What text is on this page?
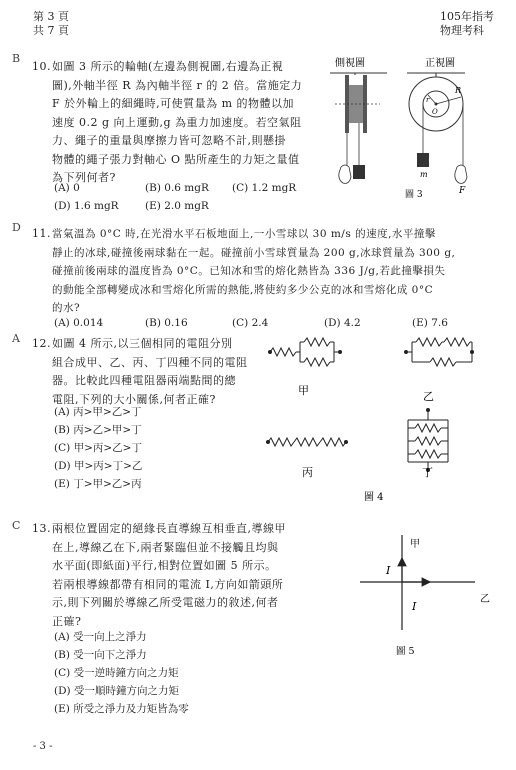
第 3 頁
共 7 頁
105年指考
物理考科
B
10. 如圖 3 所示的輪軸(左邊為側視圖,右邊為正視
圖),外軸半徑 R 為內軸半徑 r 的 2 倍。當施定力
F 於外輪上的細繩時,可使質量為 m 的物體以加
速度 0.2 g 向上運動,g 為重力加速度。若空氣阻
力、繩子的重量與摩擦力皆可忽略不計,則懸掛
物體的繩子張力對軸心 O 點所產生的力矩之量值
為下列何者?
(A) 0	(B) 0.6 mgR (C) 1.2 mgR
(D) 1.6 mgR	(E) 2.0 mgR
側視圖	正視圖
R
r
O
m
F
圖 3
D 11. 當氣溫為 0°C 時,在光滑水平石板地面上,一小雪球以 30 m/s 的速度,水平撞擊
靜止的冰球,碰撞後兩球黏在一起。碰撞前小雪球質量為 200 g,冰球質量為 300 g,
碰撞前後兩球的溫度皆為 0°C。已知冰和雪的熔化熱皆為 336 J/g,若此撞擊損失
的動能全部轉變成冰和雪熔化所需的熱能,將使約多少公克的冰和雪熔化成 0°C
的水?
(A) 0.014	(B) 0.16	(C) 2.4	(D) 4.2	(E) 7.6
A 12. 如圖 4 所示,以三個相同的電阻分別
組合成甲、乙、丙、丁四種不同的電阻
器。比較此四種電阻器兩端點間的總
電阻,下列的大小關係,何者正確?
(A) 丙>甲>乙>丁
(B) 丙>乙>甲>丁
(C) 甲>丙>乙>丁
(D) 甲>丙>丁>乙
(E) 丁>甲>乙>丙
甲	乙
丙	丁
圖 4
C 13. 兩根位置固定的絕緣長直導線互相垂直,導線甲
在上,導線乙在下,兩者緊臨但並不接觸且均與
水平面(即紙面)平行,相對位置如圖 5 所示。
若兩根導線都帶有相同的電流 I,方向如箭頭所
示,則下列關於導線乙所受電磁力的敘述,何者
正確?
(A) 受一向上之淨力
(B) 受一向下之淨力
(C) 受一逆時鐘方向之力矩
(D) 受一順時鐘方向之力矩
(E) 所受之淨力及力矩皆為零
甲
I
I
乙
圖 5
- 3 -
